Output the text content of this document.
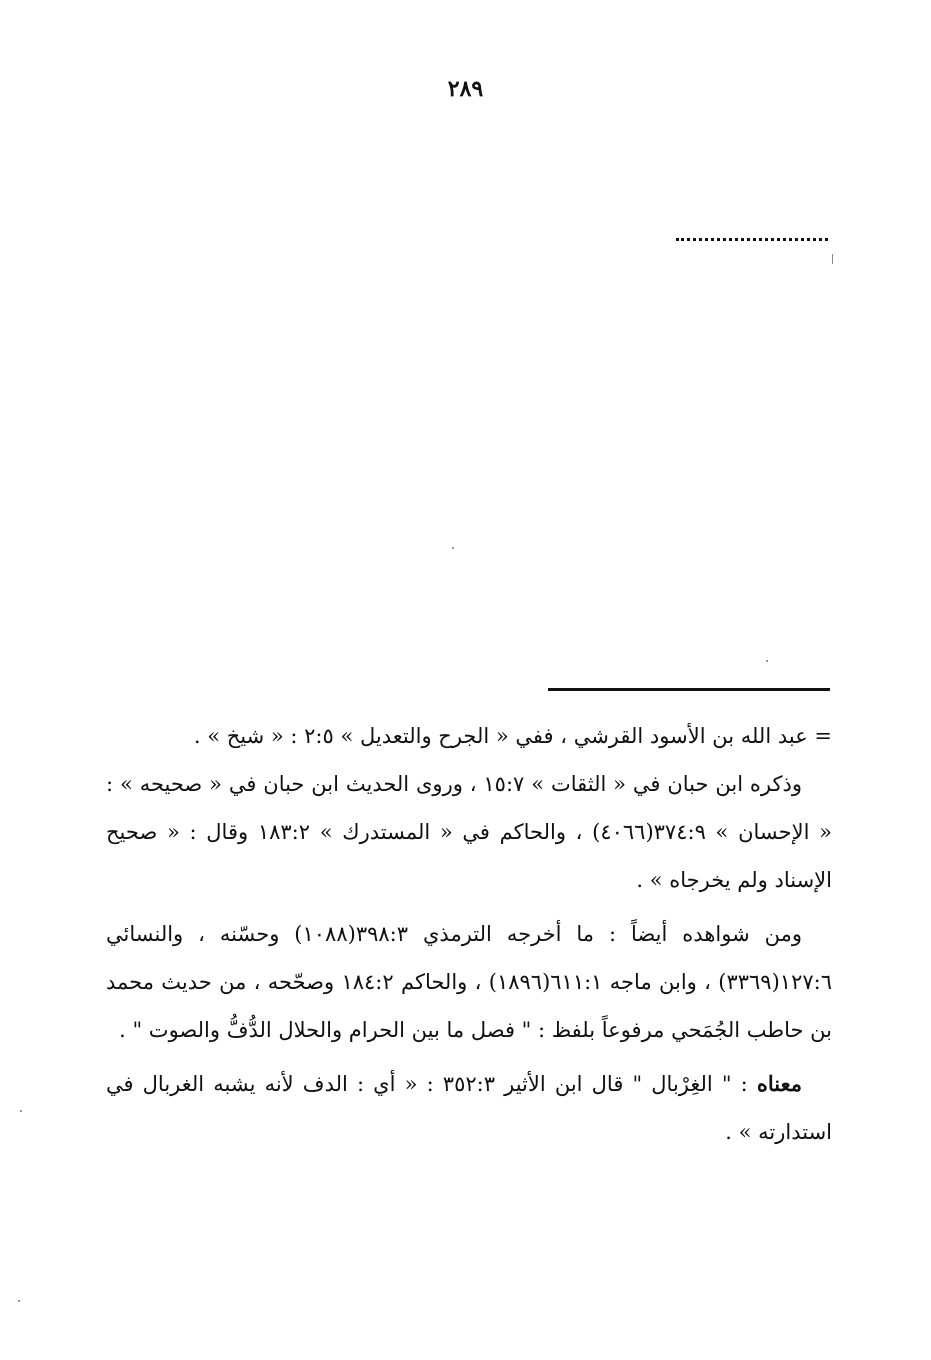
٢٨٩

= عبد الله بن الأسود القرشي ، ففي « الجرح والتعديل » ٢:٥ : « شيخ » .

وذكره ابن حبان في « الثقات » ١٥:٧ ، وروى الحديث ابن حبان في « صحيحه » : « الإحسان » ٣٧٤:٩(٤٠٦٦) ، والحاكم في « المستدرك » ١٨٣:٢ وقال : « صحيح الإسناد ولم يخرجاه » .

ومن شواهده أيضاً : ما أخرجه الترمذي ٣٩٨:٣(١٠٨٨) وحسّنه ، والنسائي ١٢٧:٦(٣٣٦٩) ، وابن ماجه ٦١١:١(١٨٩٦) ، والحاكم ١٨٤:٢ وصحّحه ، من حديث محمد بن حاطب الجُمَحي مرفوعاً بلفظ : " فصل ما بين الحرام والحلال الدُّفُّ والصوت " .

معناه : " الغِرْبال " قال ابن الأثير ٣٥٢:٣ : « أي : الدف لأنه يشبه الغربال في استدارته » .
